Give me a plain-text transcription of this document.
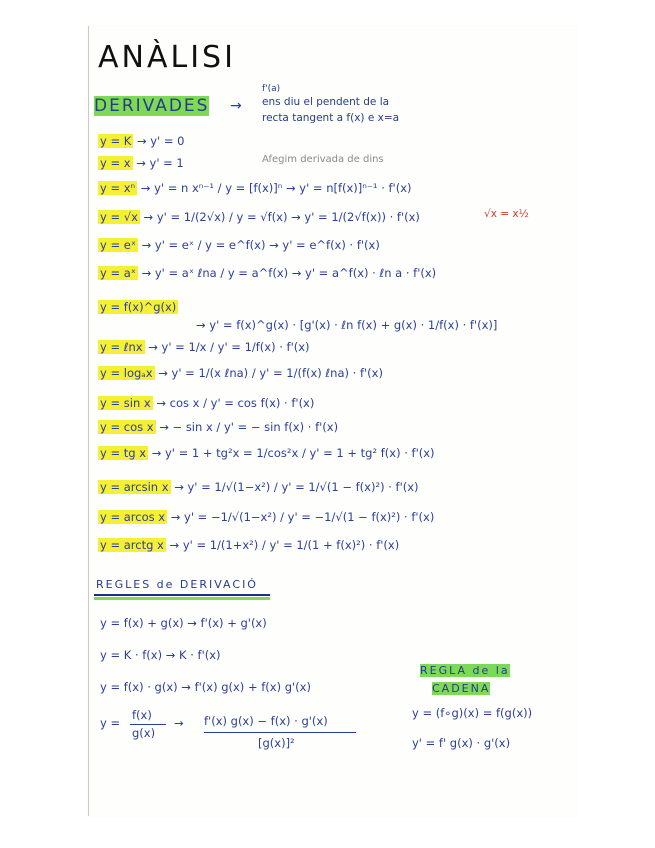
ANÀLISI
DERIVADES →
f'(a)
ens diu el pendent de la
recta tangent a f(x) e x=a
Afegim derivada de dins
y = K → y' = 0
y = x → y' = 1
y = xⁿ → y' = n xⁿ⁻¹ / y = [f(x)]ⁿ → y' = n[f(x)]ⁿ⁻¹ · f'(x)
y = √x → y' = 1/(2√x) / y = √f(x) → y' = 1/(2√f(x)) · f'(x)	√x = x½
y = eˣ → y' = eˣ / y = e^f(x) → y' = e^f(x) · f'(x)
y = aˣ → y' = aˣ ℓna / y = a^f(x) → y' = a^f(x) · ℓn a · f'(x)
y = f(x)^g(x)
→ y' = f(x)^g(x) · [g'(x) · ℓn f(x) + g(x) · 1/f(x) · f'(x)]
y = ℓnx → y' = 1/x / y' = 1/f(x) · f'(x)
y = logₐx → y' = 1/(x ℓna) / y' = 1/(f(x) ℓna) · f'(x)
y = sin x → cos x / y' = cos f(x) · f'(x)
y = cos x → − sin x / y' = − sin f(x) · f'(x)
y = tg x → y' = 1 + tg²x = 1/cos²x / y' = 1 + tg² f(x) · f'(x)
y = arcsin x → y' = 1/√(1−x²) / y' = 1/√(1 − f(x)²) · f'(x)
y = arcos x → y' = −1/√(1−x²) / y' = −1/√(1 − f(x)²) · f'(x)
y = arctg x → y' = 1/(1+x²) / y' = 1/(1 + f(x)²) · f'(x)
REGLES de DERIVACIÓ
y = f(x) + g(x) → f'(x) + g'(x)
y = K · f(x) → K · f'(x)
y = f(x) · g(x) → f'(x) g(x) + f(x) g'(x)
y =
f(x)
g(x)
→ f'(x) g(x) − f(x) · g'(x)
[g(x)]²
REGLA de la
CADENA
y = (f∘g)(x) = f(g(x))
y' = f' g(x) · g'(x)
